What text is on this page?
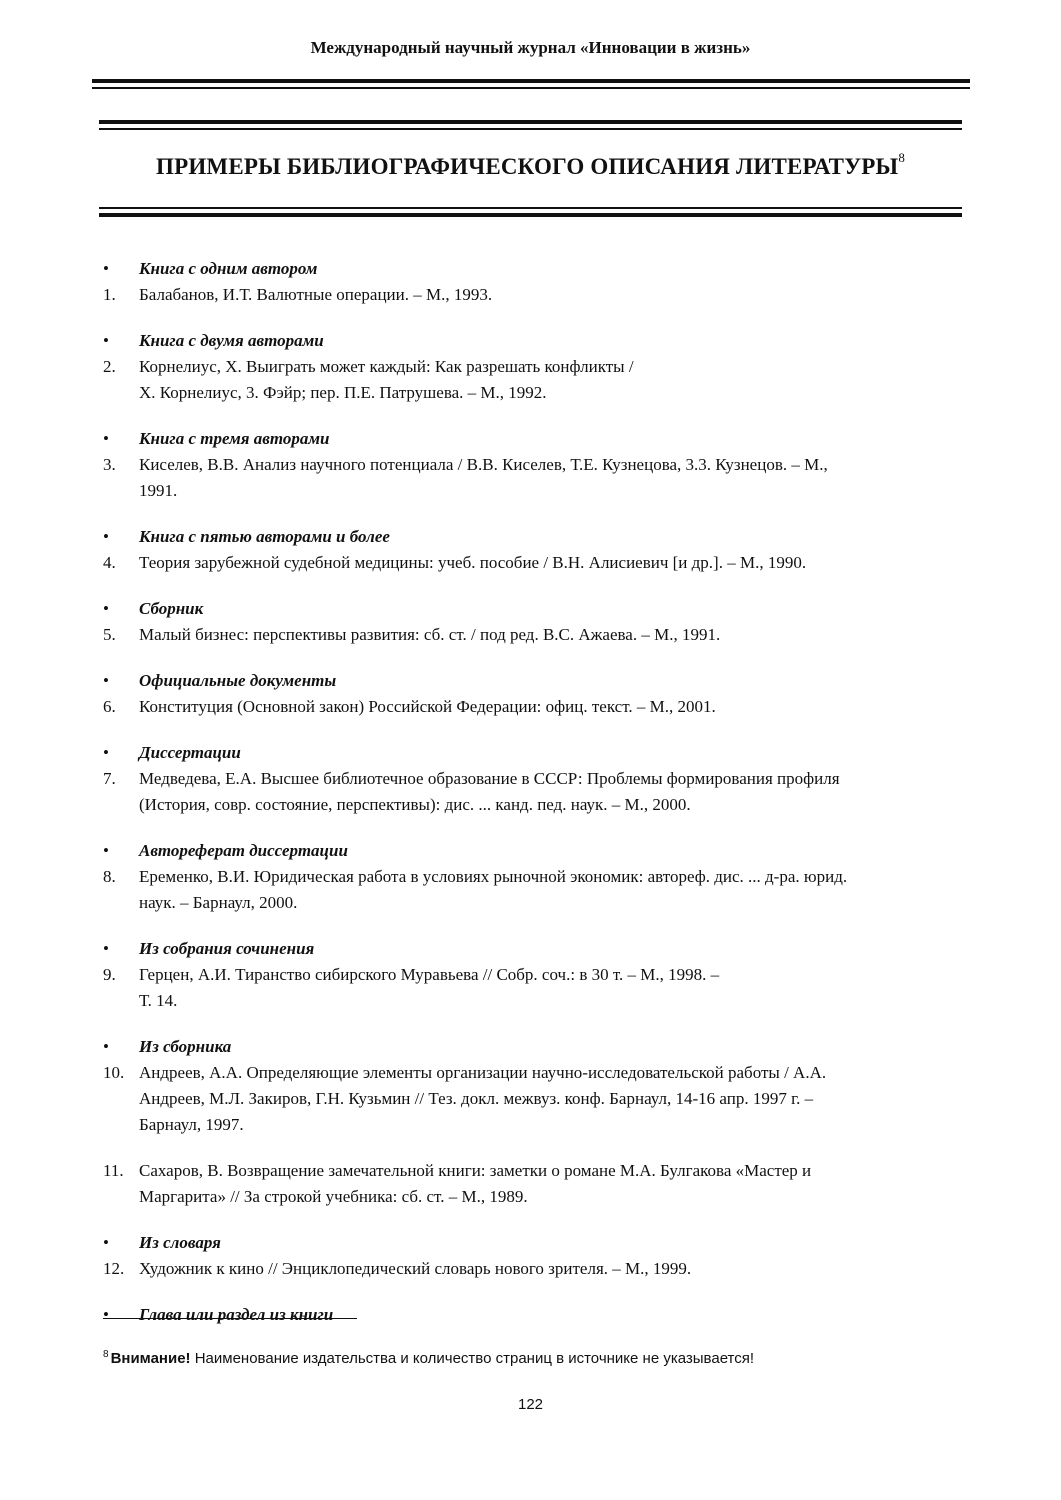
Международный научный журнал «Инновации в жизнь»
ПРИМЕРЫ БИБЛИОГРАФИЧЕСКОГО ОПИСАНИЯ ЛИТЕРАТУРЫ$^8$
• Книга с одним автором
1. Балабанов, И.Т. Валютные операции. – М., 1993.
• Книга с двумя авторами
2. Корнелиус, Х. Выиграть может каждый: Как разрешать конфликты /
Х. Корнелиус, 3. Фэйр; пер. П.Е. Патрушева. – М., 1992.
• Книга с тремя авторами
3. Киселев, В.В. Анализ научного потенциала / В.В. Киселев, Т.Е. Кузнецова, 3.3. Кузнецов. – М.,
1991.
• Книга с пятью авторами и более
4. Теория зарубежной судебной медицины: учеб. пособие / В.Н. Алисиевич [и др.]. – М., 1990.
• Сборник
5. Малый бизнес: перспективы развития: сб. ст. / под ред. В.С. Ажаева. – М., 1991.
• Официальные документы
6. Конституция (Основной закон) Российской Федерации: офиц. текст. – М., 2001.
• Диссертации
7. Медведева, Е.А. Высшее библиотечное образование в СССР: Проблемы формирования профиля
(История, совр. состояние, перспективы): дис. ... канд. пед. наук. – М., 2000.
• Автореферат диссертации
8. Еременко, В.И. Юридическая работа в условиях рыночной экономик: автореф. дис. ... д-ра. юрид.
наук. – Барнаул, 2000.
• Из собрания сочинения
9. Герцен, А.И. Тиранство сибирского Муравьева // Собр. соч.: в 30 т. – М., 1998. –
Т. 14.
• Из сборника
10. Андреев, А.А. Определяющие элементы организации научно-исследовательской работы / А.А.
Андреев, М.Л. Закиров, Г.Н. Кузьмин // Тез. докл. межвуз. конф. Барнаул, 14-16 апр. 1997 г. –
Барнаул, 1997.
11. Сахаров, В. Возвращение замечательной книги: заметки о романе М.А. Булгакова «Мастер и
Маргарита» // За строкой учебника: сб. ст. – М., 1989.
• Из словаря
12. Художник к кино // Энциклопедический словарь нового зрителя. – М., 1999.
• Глава или раздел из книги
$^8$ Внимание! Наименование издательства и количество страниц в источнике не указывается!
122
